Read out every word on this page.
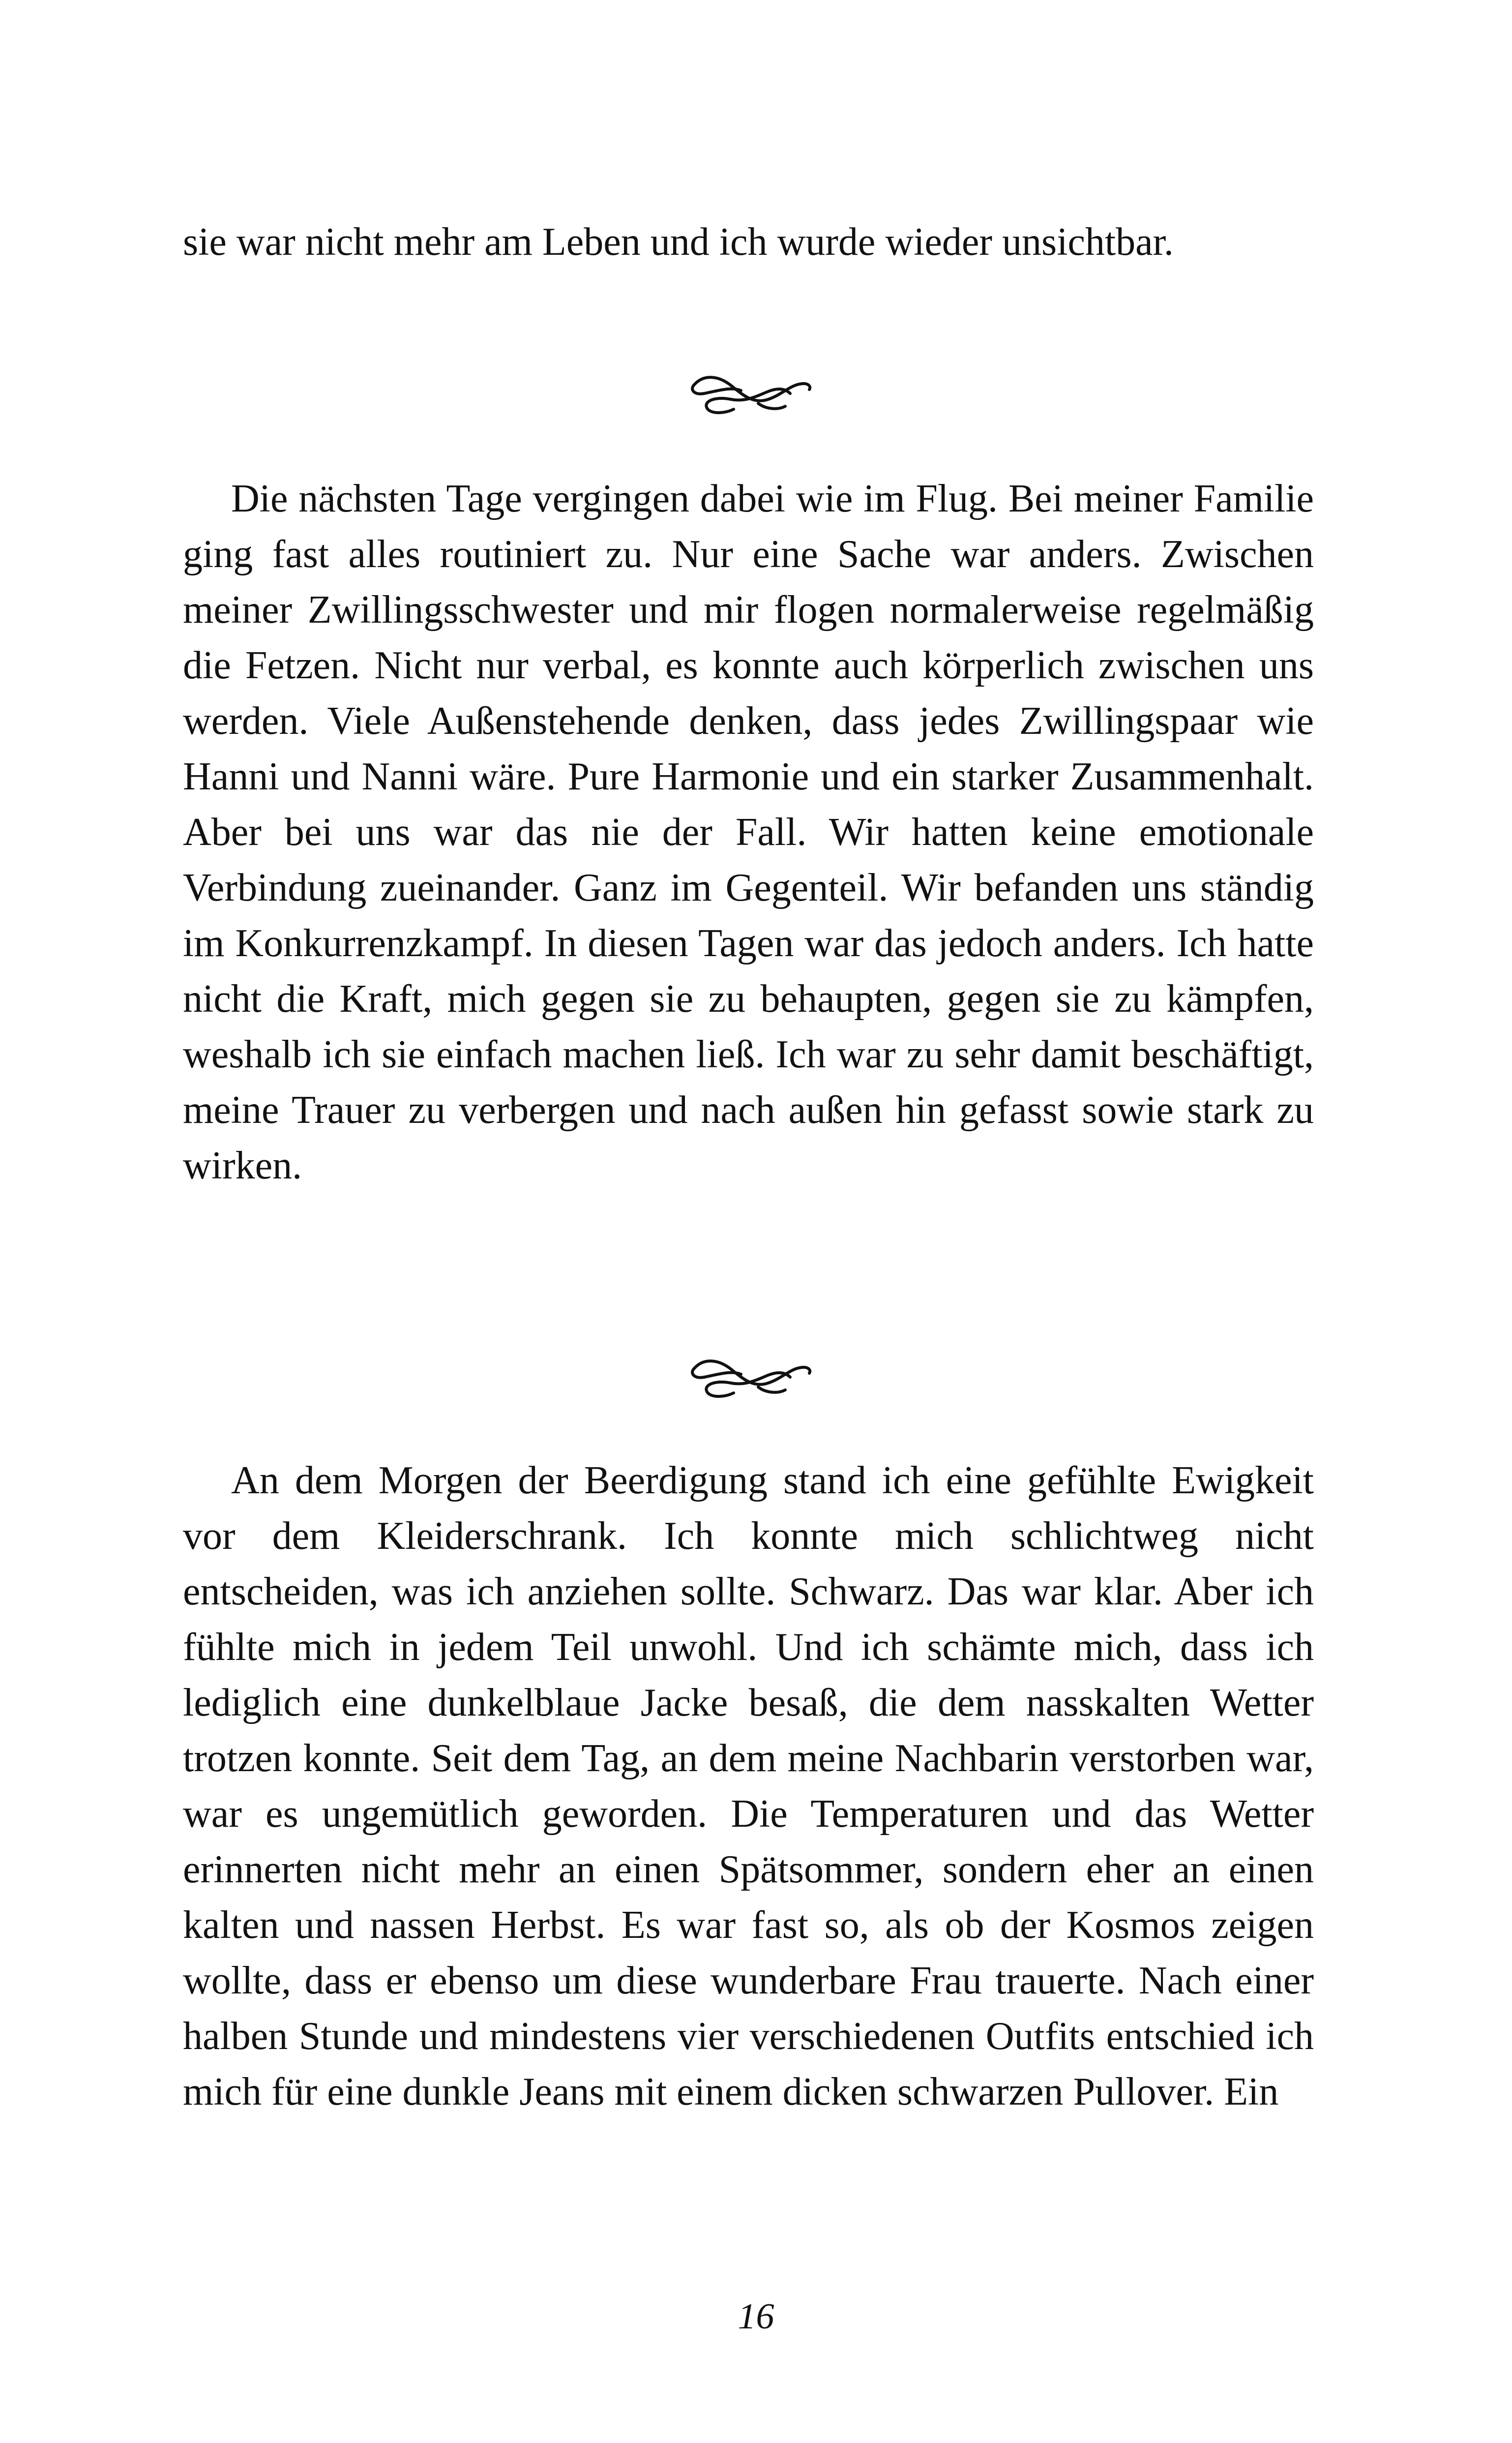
sie war nicht mehr am Leben und ich wurde wieder unsichtbar.

Die nächsten Tage vergingen dabei wie im Flug. Bei meiner Familie ging fast alles routiniert zu. Nur eine Sache war anders. Zwischen meiner Zwillingsschwester und mir flogen normalerweise regelmäßig die Fetzen. Nicht nur verbal, es konnte auch körperlich zwischen uns werden. Viele Außenstehende denken, dass jedes Zwillingspaar wie Hanni und Nanni wäre. Pure Harmonie und ein starker Zusammenhalt. Aber bei uns war das nie der Fall. Wir hatten keine emotionale Verbindung zueinander. Ganz im Gegenteil. Wir befanden uns ständig im Konkurrenzkampf. In diesen Tagen war das jedoch anders. Ich hatte nicht die Kraft, mich gegen sie zu behaupten, gegen sie zu kämpfen, weshalb ich sie einfach machen ließ. Ich war zu sehr damit beschäftigt, meine Trauer zu verbergen und nach außen hin gefasst sowie stark zu wirken.

An dem Morgen der Beerdigung stand ich eine gefühlte Ewigkeit vor dem Kleiderschrank. Ich konnte mich schlichtweg nicht entscheiden, was ich anziehen sollte. Schwarz. Das war klar. Aber ich fühlte mich in jedem Teil unwohl. Und ich schämte mich, dass ich lediglich eine dunkelblaue Jacke besaß, die dem nasskalten Wetter trotzen konnte. Seit dem Tag, an dem meine Nachbarin verstorben war, war es ungemütlich geworden. Die Temperaturen und das Wetter erinnerten nicht mehr an einen Spätsommer, sondern eher an einen kalten und nassen Herbst. Es war fast so, als ob der Kosmos zeigen wollte, dass er ebenso um diese wunderbare Frau trauerte. Nach einer halben Stunde und mindestens vier verschiedenen Outfits entschied ich mich für eine dunkle Jeans mit einem dicken schwarzen Pullover. Ein

16
